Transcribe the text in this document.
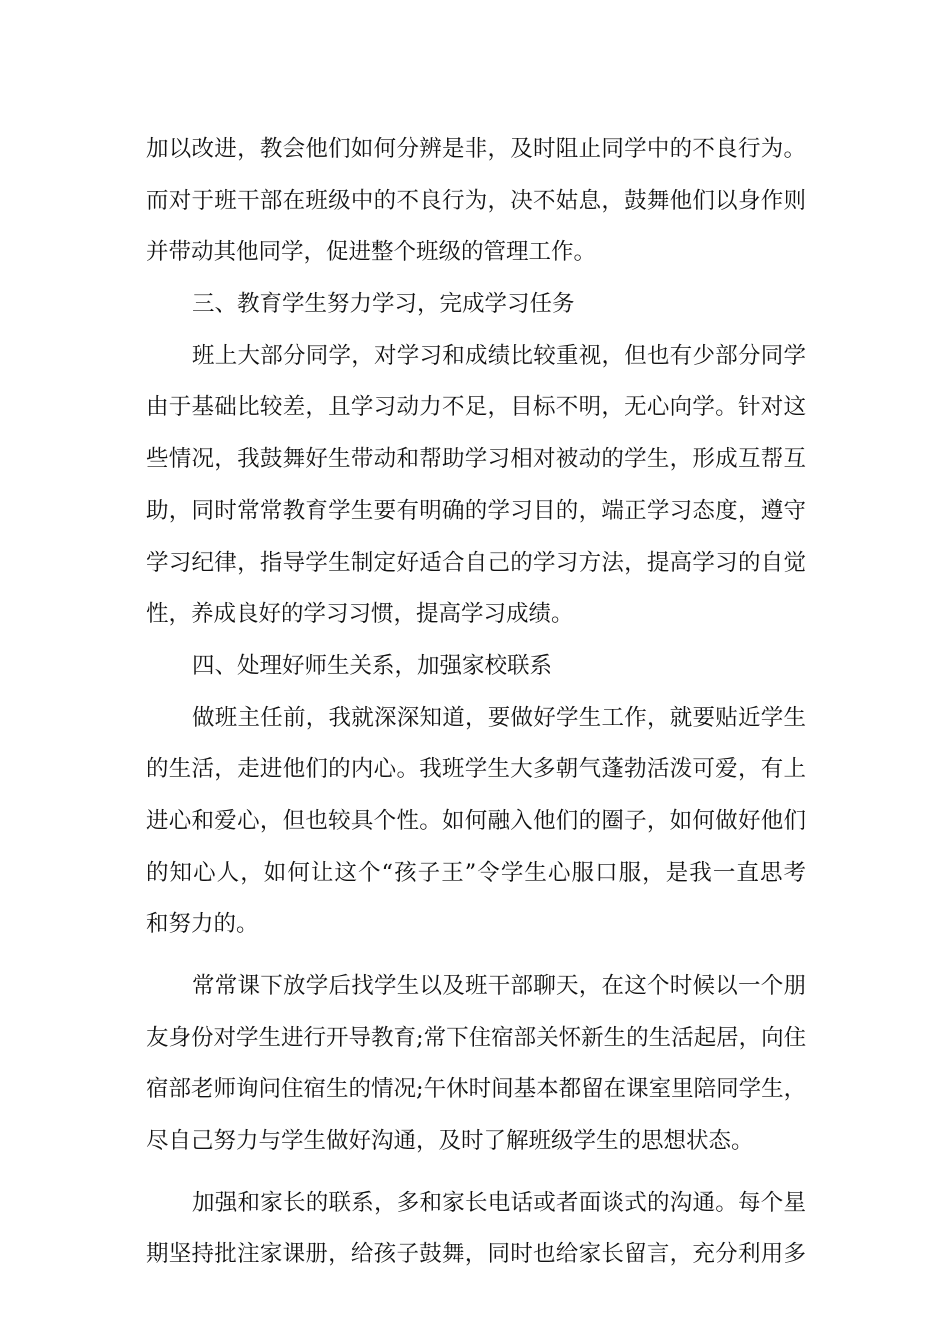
加以改进，教会他们如何分辨是非，及时阻止同学中的不良行为。
而对于班干部在班级中的不良行为，决不姑息，鼓舞他们以身作则
并带动其他同学，促进整个班级的管理工作。
三、教育学生努力学习，完成学习任务
班上大部分同学，对学习和成绩比较重视，但也有少部分同学
由于基础比较差，且学习动力不足，目标不明，无心向学。针对这
些情况，我鼓舞好生带动和帮助学习相对被动的学生，形成互帮互
助，同时常常教育学生要有明确的学习目的，端正学习态度，遵守
学习纪律，指导学生制定好适合自己的学习方法，提高学习的自觉
性，养成良好的学习习惯，提高学习成绩。
四、处理好师生关系，加强家校联系
做班主任前，我就深深知道，要做好学生工作，就要贴近学生
的生活，走进他们的内心。我班学生大多朝气蓬勃活泼可爱，有上
进心和爱心，但也较具个性。如何融入他们的圈子，如何做好他们
的知心人，如何让这个“孩子王”令学生心服口服，是我一直思考
和努力的。
常常课下放学后找学生以及班干部聊天，在这个时候以一个朋
友身份对学生进行开导教育;常下住宿部关怀新生的生活起居，向住
宿部老师询问住宿生的情况;午休时间基本都留在课室里陪同学生，
尽自己努力与学生做好沟通，及时了解班级学生的思想状态。
加强和家长的联系，多和家长电话或者面谈式的沟通。每个星
期坚持批注家课册，给孩子鼓舞，同时也给家长留言，充分利用多
